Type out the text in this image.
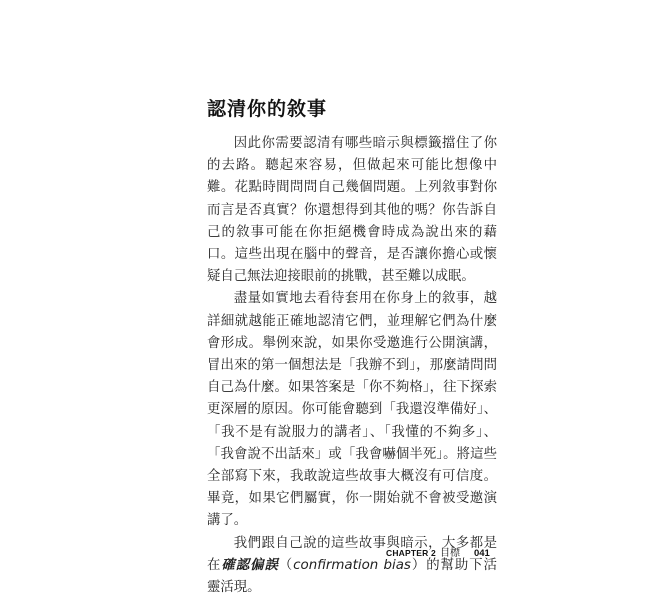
認清你的敘事

因此你需要認清有哪些暗示與標籤擋住了你的去路。聽起來容易，但做起來可能比想像中難。花點時間問問自己幾個問題。上列敘事對你而言是否真實？你還想得到其他的嗎？你告訴自己的敘事可能在你拒絕機會時成為說出來的藉口。這些出現在腦中的聲音，是否讓你擔心或懷疑自己無法迎接眼前的挑戰，甚至難以成眠。

盡量如實地去看待套用在你身上的敘事，越詳細就越能正確地認清它們，並理解它們為什麼會形成。舉例來說，如果你受邀進行公開演講，冒出來的第一個想法是「我辦不到」，那麼請問問自己為什麼。如果答案是「你不夠格」，往下探索更深層的原因。你可能會聽到「我還沒準備好」、「我不是有說服力的講者」、「我懂的不夠多」、「我會說不出話來」或「我會嚇個半死」。將這些全部寫下來，我敢說這些故事大概沒有可信度。畢竟，如果它們屬實，你一開始就不會被受邀演講了。

我們跟自己說的這些故事與暗示，大多都是在確認偏誤（confirmation bias）的幫助下活靈活現。

CHAPTER 2 目標 041
